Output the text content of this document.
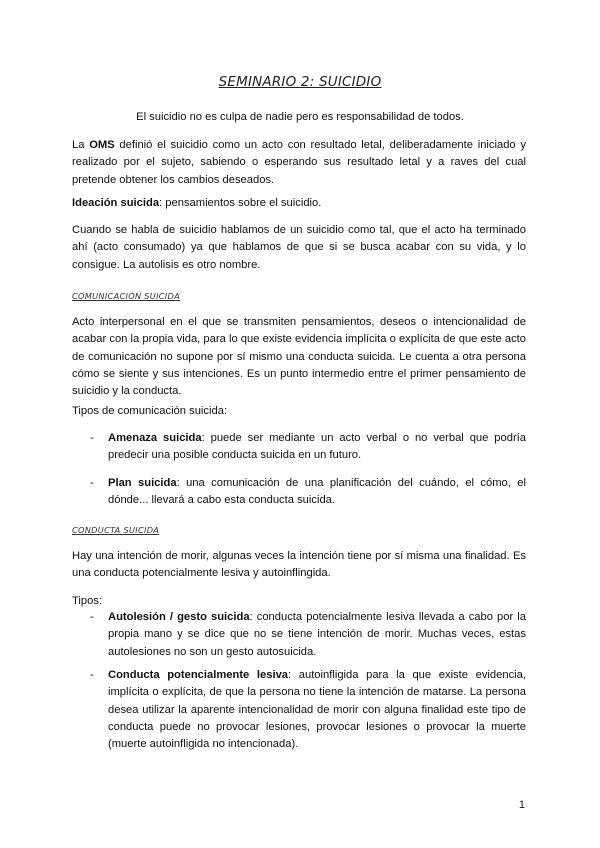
SEMINARIO 2: SUICIDIO
El suicidio no es culpa de nadie pero es responsabilidad de todos.
La OMS definió el suicidio como un acto con resultado letal, deliberadamente iniciado y realizado por el sujeto, sabiendo o esperando sus resultado letal y a raves del cual pretende obtener los cambios deseados.
Ideación suicida: pensamientos sobre el suicidio.
Cuando se habla de suicidio hablamos de un suicidio como tal, que el acto ha terminado ahí (acto consumado) ya que hablamos de que si se busca acabar con su vida, y lo consigue. La autolisis es otro nombre.
COMUNICACIÓN SUICIDA
Acto interpersonal en el que se transmiten pensamientos, deseos o intencionalidad de acabar con la propia vida, para lo que existe evidencia implícita o explícita de que este acto de comunicación no supone por sí mismo una conducta suicida. Le cuenta a otra persona cómo se siente y sus intenciones. Es un punto intermedio entre el primer pensamiento de suicidio y la conducta.
Tipos de comunicación suicida:
- Amenaza suicida: puede ser mediante un acto verbal o no verbal que podría predecir una posible conducta suicida en un futuro.
- Plan suicida: una comunicación de una planificación del cuándo, el cómo, el dónde... llevará a cabo esta conducta suicida.
CONDUCTA SUICIDA
Hay una intención de morir, algunas veces la intención tiene por sí misma una finalidad. Es una conducta potencialmente lesiva y autoinflingida.
Tipos:
- Autolesión / gesto suicida: conducta potencialmente lesiva llevada a cabo por la propia mano y se dice que no se tiene intención de morir. Muchas veces, estas autolesiones no son un gesto autosuicida.
- Conducta potencialmente lesiva: autoinfligida para la que existe evidencia, implícita o explícita, de que la persona no tiene la intención de matarse. La persona desea utilizar la aparente intencionalidad de morir con alguna finalidad este tipo de conducta puede no provocar lesiones, provocar lesiones o provocar la muerte (muerte autoinfligida no intencionada).
1
